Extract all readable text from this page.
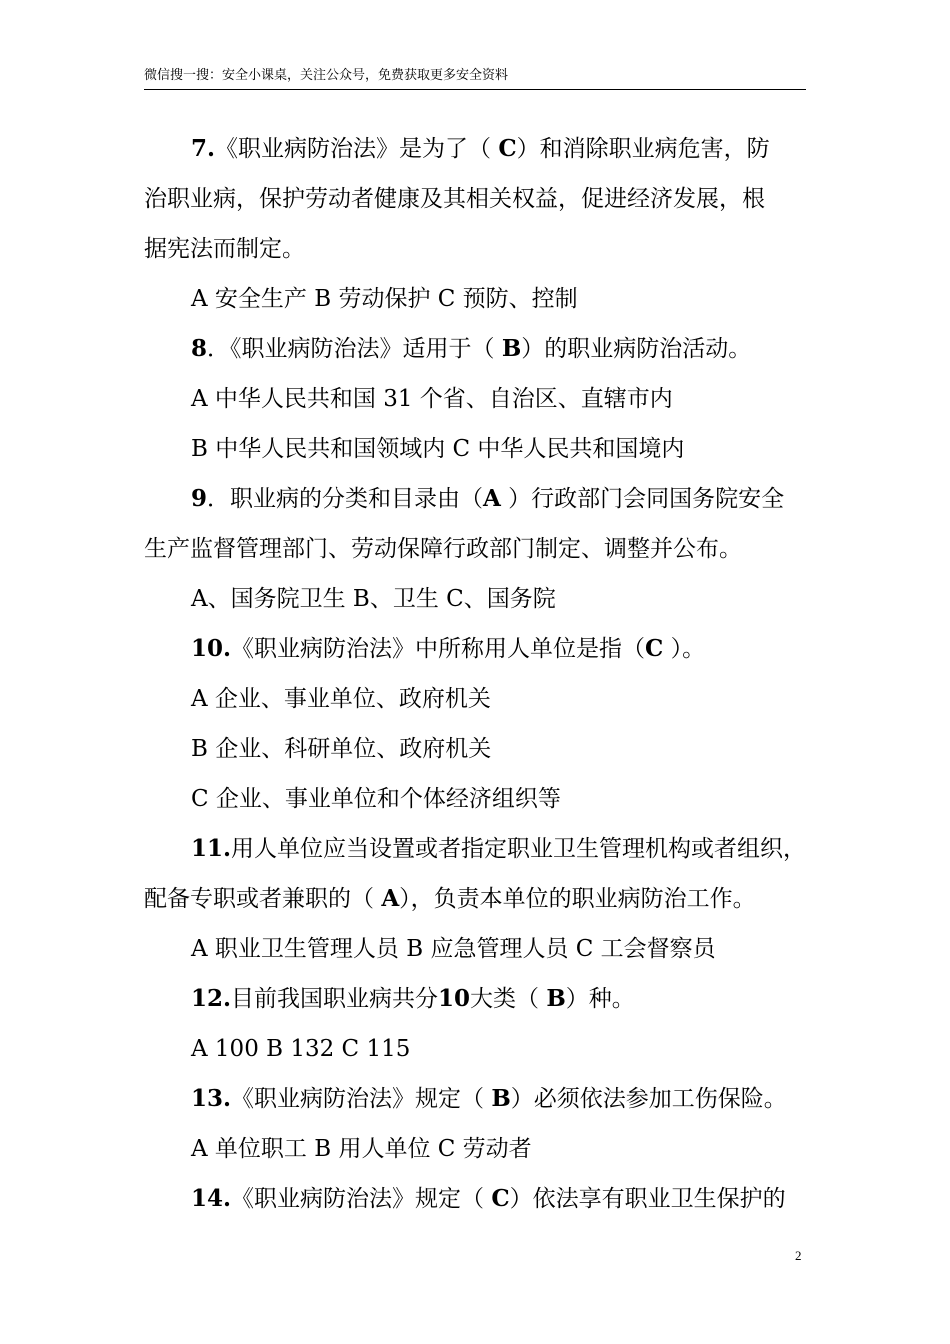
微信搜一搜：安全小课桌，关注公众号，免费获取更多安全资料

7.《职业病防治法》是为了（ C）和消除职业病危害，防

治职业病，保护劳动者健康及其相关权益，促进经济发展，根

据宪法而制定。

A 安全生产 B 劳动保护 C 预防、控制

8．《职业病防治法》适用于（ B）的职业病防治活动。

A 中华人民共和国 31 个省、自治区、直辖市内

B 中华人民共和国领域内 C 中华人民共和国境内

9．职业病的分类和目录由（A ）行政部门会同国务院安全

生产监督管理部门、劳动保障行政部门制定、调整并公布。

A、国务院卫生 B、卫生 C、国务院

10.《职业病防治法》中所称用人单位是指（C ）。

A 企业、事业单位、政府机关

B 企业、科研单位、政府机关

C 企业、事业单位和个体经济组织等

11.用人单位应当设置或者指定职业卫生管理机构或者组织，

配备专职或者兼职的（ A），负责本单位的职业病防治工作。

A 职业卫生管理人员 B 应急管理人员 C 工会督察员

12.目前我国职业病共分10大类（ B）种。

A 100 B 132 C 115

13.《职业病防治法》规定（ B）必须依法参加工伤保险。

A 单位职工 B 用人单位 C 劳动者

14.《职业病防治法》规定（ C）依法享有职业卫生保护的

2
